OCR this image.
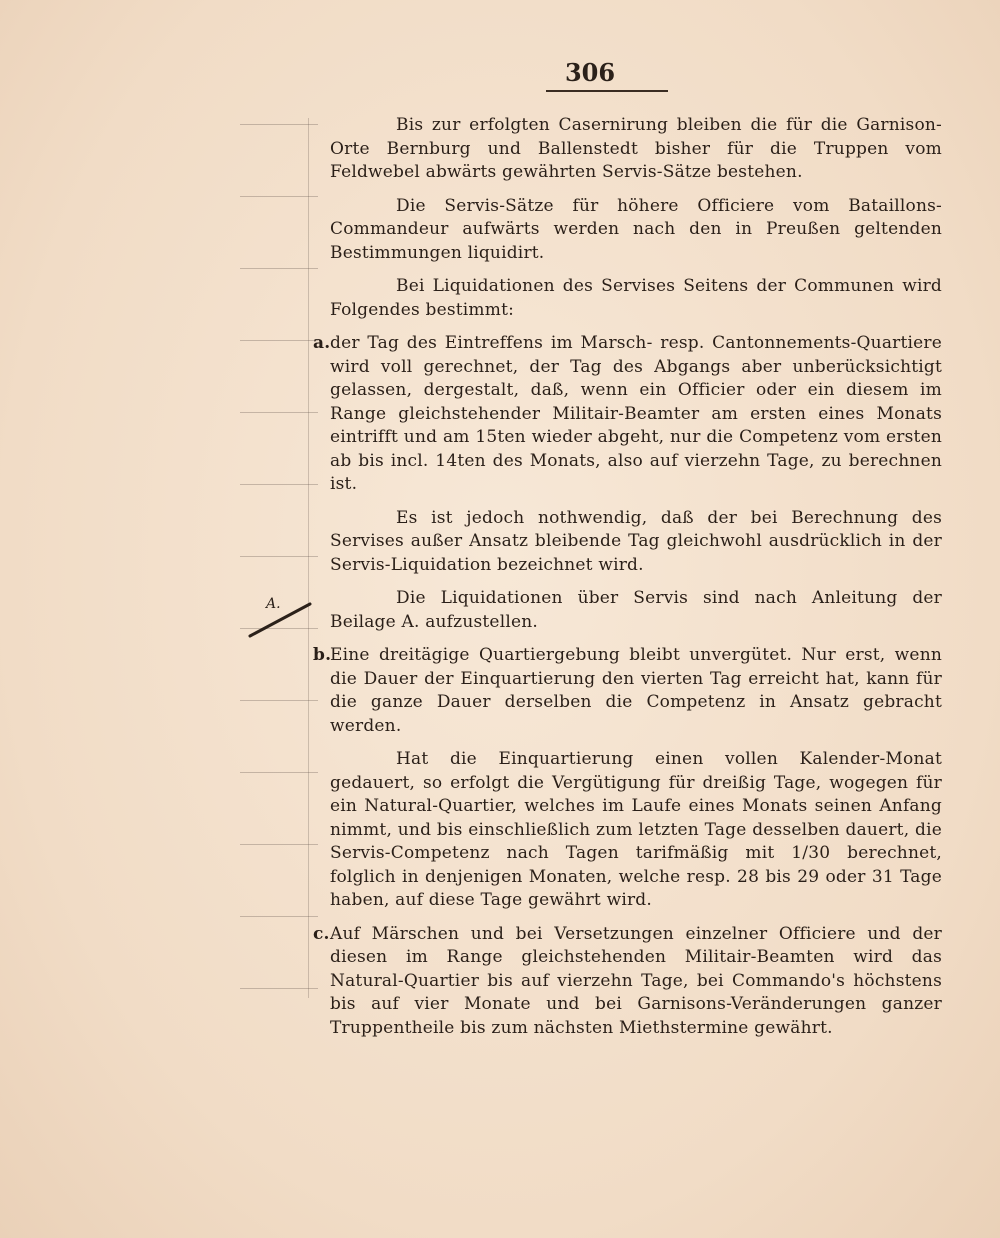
306
A.

Bis zur erfolgten Casernirung bleiben die für die Garnison-Orte Bernburg und Ballenstedt bisher für die Truppen vom Feldwebel abwärts gewährten Servis-Sätze bestehen.

Die Servis-Sätze für höhere Officiere vom Bataillons-Commandeur aufwärts werden nach den in Preußen geltenden Bestimmungen liquidirt.

Bei Liquidationen des Servises Seitens der Communen wird Folgendes bestimmt:

a. der Tag des Eintreffens im Marsch- resp. Cantonnements-Quartiere wird voll gerechnet, der Tag des Abgangs aber unberücksichtigt gelassen, dergestalt, daß, wenn ein Officier oder ein diesem im Range gleichstehender Militair-Beamter am ersten eines Monats eintrifft und am 15ten wieder abgeht, nur die Competenz vom ersten ab bis incl. 14ten des Monats, also auf vierzehn Tage, zu berechnen ist.

Es ist jedoch nothwendig, daß der bei Berechnung des Servises außer Ansatz bleibende Tag gleichwohl ausdrücklich in der Servis-Liquidation bezeichnet wird.

Die Liquidationen über Servis sind nach Anleitung der Beilage A. aufzustellen.

b.

Eine dreitägige Quartiergebung bleibt unvergütet. Nur erst, wenn die Dauer der Einquartierung den vierten Tag erreicht hat, kann für die ganze Dauer derselben die Competenz in Ansatz gebracht werden.

Hat die Einquartierung einen vollen Kalender-Monat gedauert, so erfolgt die Vergütigung für dreißig Tage, wogegen für ein Natural-Quartier, welches im Laufe eines Monats seinen Anfang nimmt, und bis einschließlich zum letzten Tage desselben dauert, die Servis-Competenz nach Tagen tarifmäßig mit 1/30 berechnet, folglich in denjenigen Monaten, welche resp. 28 bis 29 oder 31 Tage haben, auf diese Tage gewährt wird.

c. Auf Märschen und bei Versetzungen einzelner Officiere und der diesen im Range gleichstehenden Militair-Beamten wird das Natural-Quartier bis auf vierzehn Tage, bei Commando's höchstens bis auf vier Monate und bei Garnisons-Veränderungen ganzer Truppentheile bis zum nächsten Miethstermine gewährt.
